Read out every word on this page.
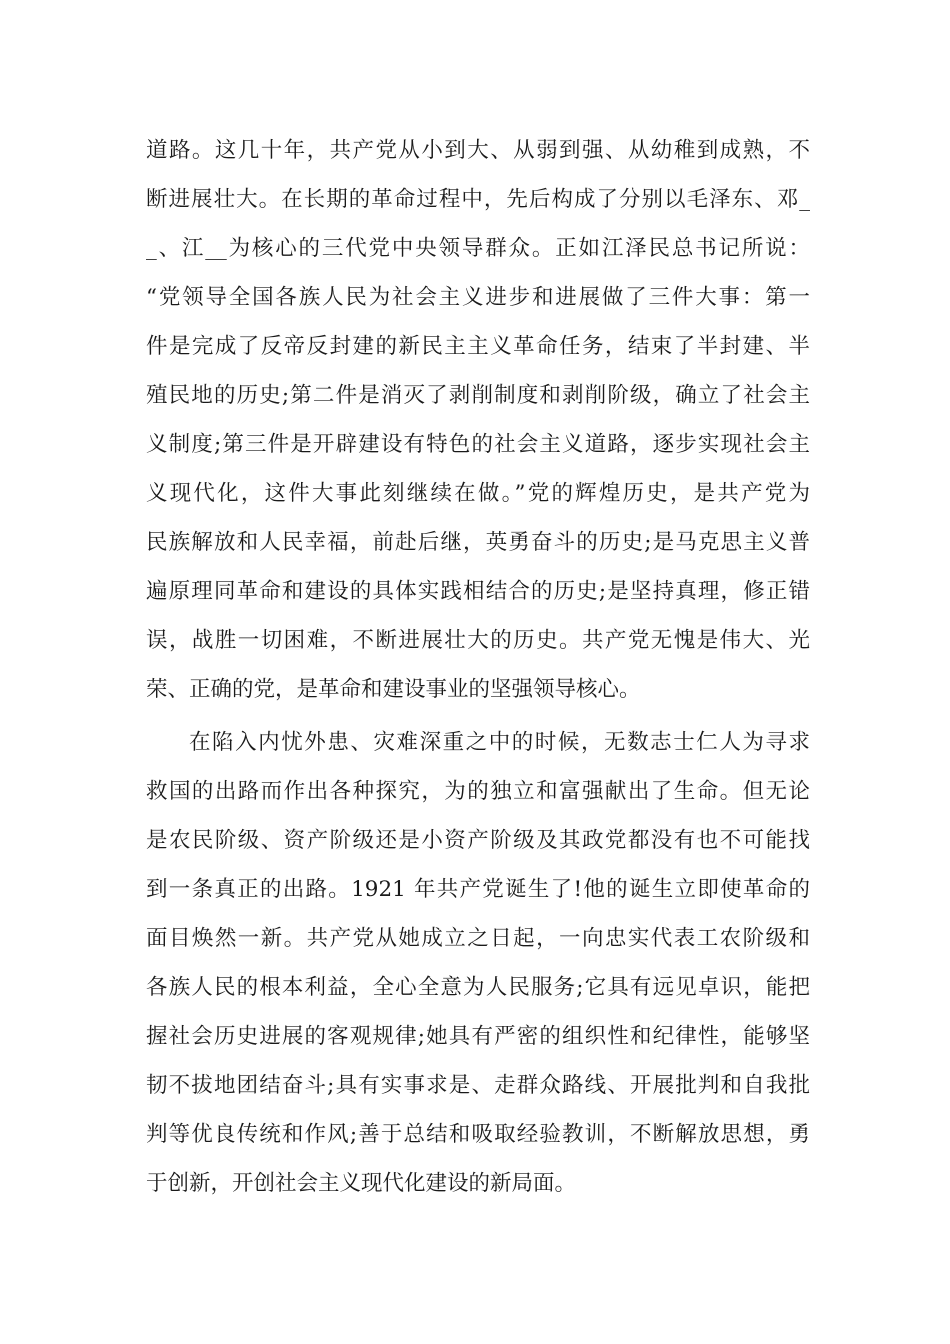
道路。这几十年，共产党从小到大、从弱到强、从幼稚到成熟，不
断进展壮大。在长期的革命过程中，先后构成了分别以毛泽东、邓_
_、江__为核心的三代党中央领导群众。正如江泽民总书记所说：
“党领导全国各族人民为社会主义进步和进展做了三件大事：第一
件是完成了反帝反封建的新民主主义革命任务，结束了半封建、半
殖民地的历史;第二件是消灭了剥削制度和剥削阶级，确立了社会主
义制度;第三件是开辟建设有特色的社会主义道路，逐步实现社会主
义现代化，这件大事此刻继续在做。”党的辉煌历史，是共产党为
民族解放和人民幸福，前赴后继，英勇奋斗的历史;是马克思主义普
遍原理同革命和建设的具体实践相结合的历史;是坚持真理，修正错
误，战胜一切困难，不断进展壮大的历史。共产党无愧是伟大、光
荣、正确的党，是革命和建设事业的坚强领导核心。
在陷入内忧外患、灾难深重之中的时候，无数志士仁人为寻求
救国的出路而作出各种探究，为的独立和富强献出了生命。但无论
是农民阶级、资产阶级还是小资产阶级及其政党都没有也不可能找
到一条真正的出路。1921 年共产党诞生了!他的诞生立即使革命的
面目焕然一新。共产党从她成立之日起，一向忠实代表工农阶级和
各族人民的根本利益，全心全意为人民服务;它具有远见卓识，能把
握社会历史进展的客观规律;她具有严密的组织性和纪律性，能够坚
韧不拔地团结奋斗;具有实事求是、走群众路线、开展批判和自我批
判等优良传统和作风;善于总结和吸取经验教训，不断解放思想，勇
于创新，开创社会主义现代化建设的新局面。
